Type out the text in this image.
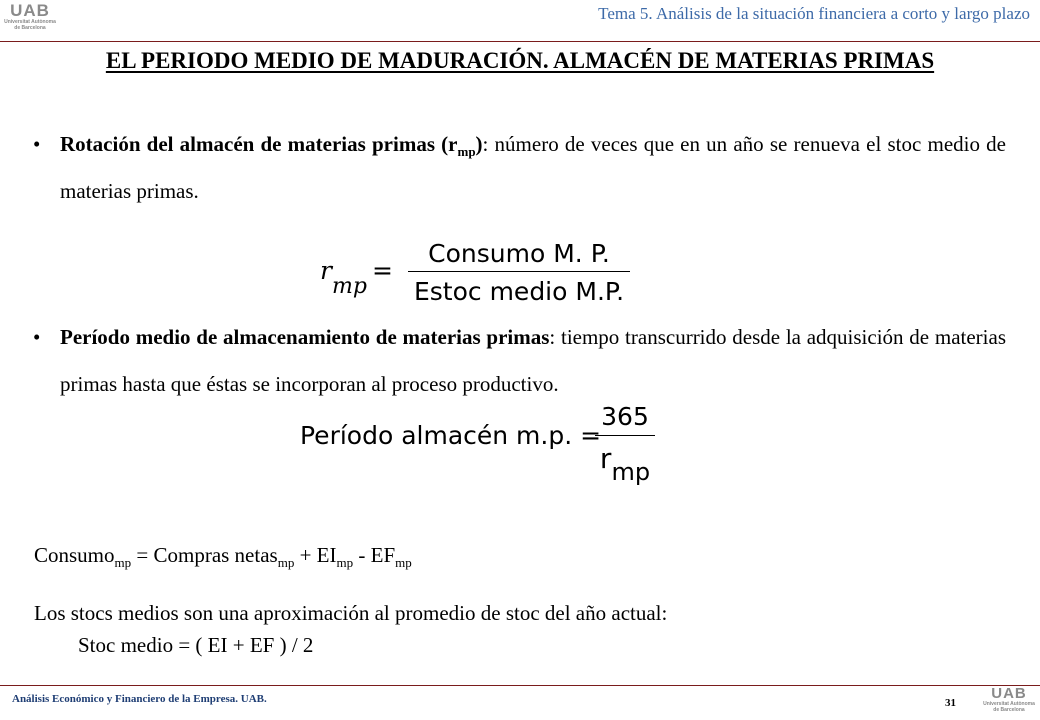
UAB
Universitat Autònoma
de Barcelona
Tema 5. Análisis de la situación financiera a corto y largo plazo
EL PERIODO MEDIO DE MADURACIÓN. ALMACÉN DE MATERIAS PRIMAS
• Rotación del almacén de materias primas $(r_{mp})$: número de veces que en un año se renueva el stoc medio de materias primas.
$r_{mp}$
=
Consumo M. P.
Estoc medio M.P.
• Período medio de almacenamiento de materias primas: tiempo transcurrido desde la adquisición de materias primas hasta que éstas se incorporan al proceso productivo.
Período almacén m.p. =
365
$r_{mp}$
Consumo$_{mp}$ = Compras netas$_{mp}$ + $EI_{mp} - EF_{mp}$
Los stocs medios son una aproximación al promedio de stoc del año actual:
Stoc medio = ( EI + EF ) / 2
Análisis Económico y Financiero de la Empresa. UAB.	31
UAB
Universitat Autònoma
de Barcelona
